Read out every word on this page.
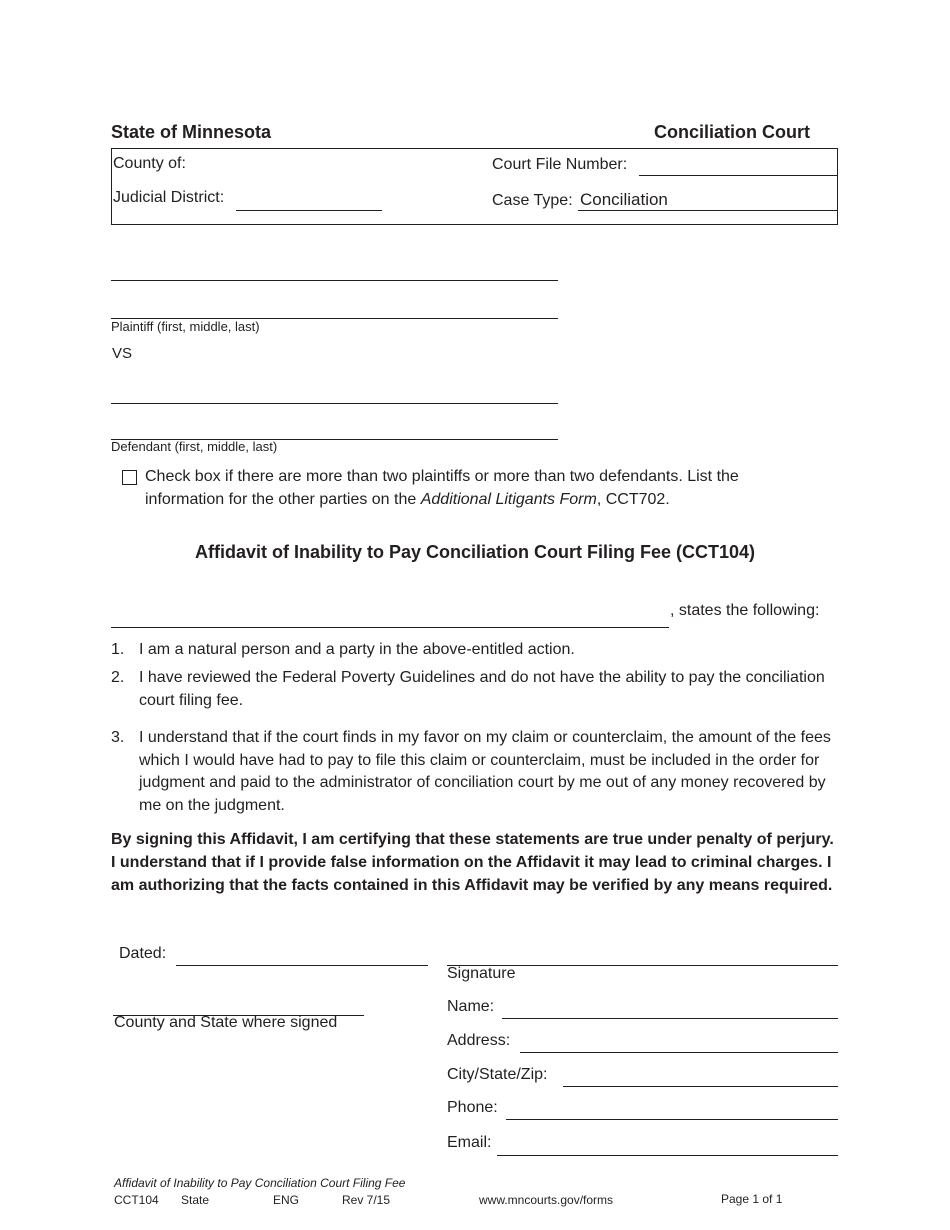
State of Minnesota	Conciliation Court
County of:
Judicial District:
Court File Number:
Case Type: Conciliation
Plaintiff (first, middle, last)
VS
Defendant (first, middle, last)
Check box if there are more than two plaintiffs or more than two defendants. List the
information for the other parties on the Additional Litigants Form, CCT702.
Affidavit of Inability to Pay Conciliation Court Filing Fee (CCT104)
, states the following:
1. I am a natural person and a party in the above-entitled action.
2. I have reviewed the Federal Poverty Guidelines and do not have the ability to pay the conciliation court filing fee.
3. I understand that if the court finds in my favor on my claim or counterclaim, the amount of the fees which I would have had to pay to file this claim or counterclaim, must be included in the order for judgment and paid to the administrator of conciliation court by me out of any money recovered by me on the judgment.
By signing this Affidavit, I am certifying that these statements are true under penalty of perjury. I understand that if I provide false information on the Affidavit it may lead to criminal charges. I am authorizing that the facts contained in this Affidavit may be verified by any means required.
Dated:
County and State where signed
Signature
Name:
Address:
City/State/Zip:
Phone:
Email:
Affidavit of Inability to Pay Conciliation Court Filing Fee
CCT104 State	ENG	Rev 7/15	www.mncourts.gov/forms	Page 1 of 1
